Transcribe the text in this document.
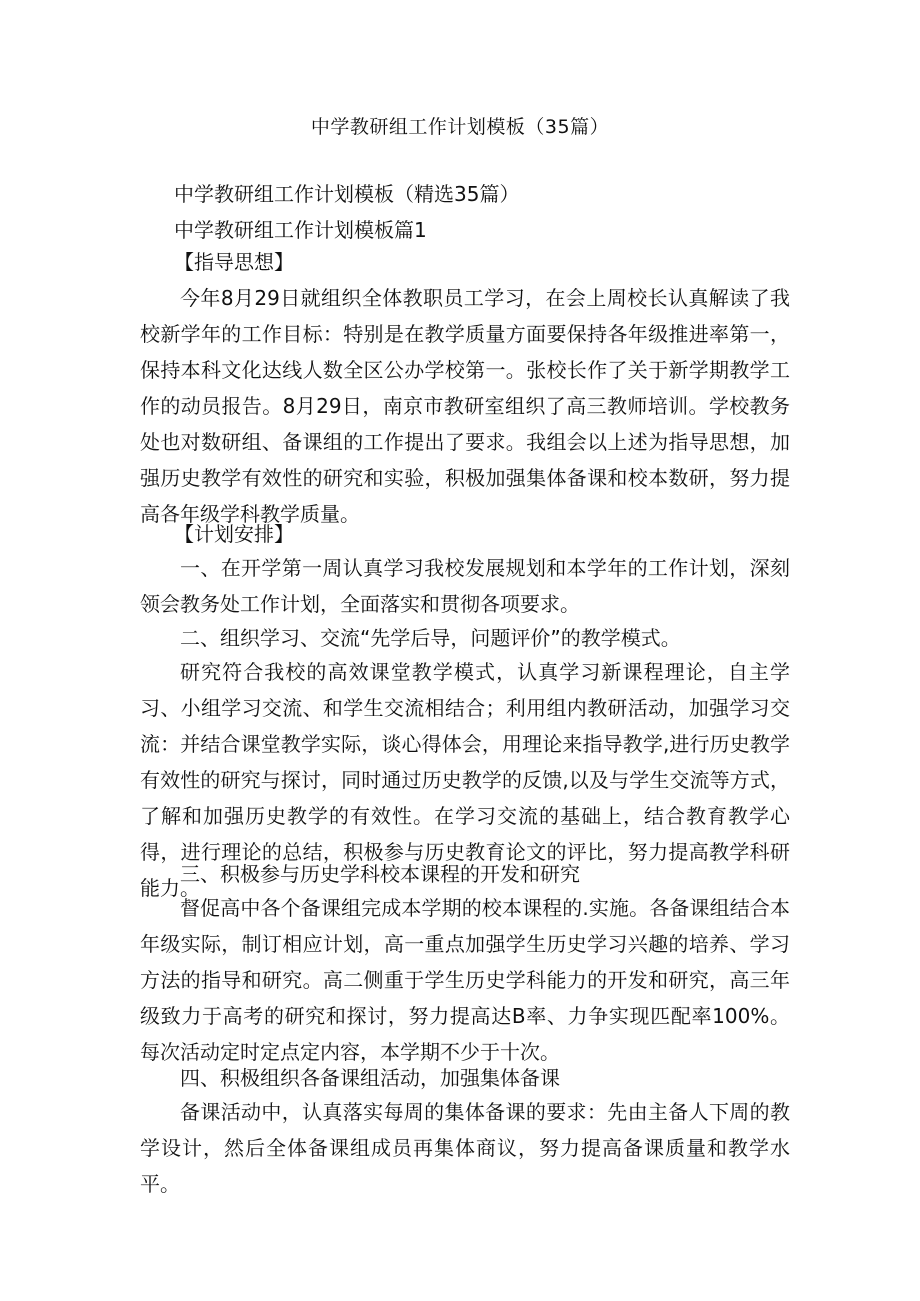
中学教研组工作计划模板（35篇）
中学教研组工作计划模板（精选35篇）
中学教研组工作计划模板篇1
【指导思想】

今年8月29日就组织全体教职员工学习，在会上周校长认真解读了我校新学年的工作目标：特别是在教学质量方面要保持各年级推进率第一，保持本科文化达线人数全区公办学校第一。张校长作了关于新学期教学工作的动员报告。8月29日，南京市教研室组织了高三教师培训。学校教务处也对数研组、备课组的工作提出了要求。我组会以上述为指导思想，加强历史教学有效性的研究和实验，积极加强集体备课和校本数研，努力提高各年级学科教学质量。

【计划安排】

一、在开学第一周认真学习我校发展规划和本学年的工作计划，深刻领会教务处工作计划，全面落实和贯彻各项要求。

二、组织学习、交流“先学后导，问题评价”的教学模式。

研究符合我校的高效课堂教学模式，认真学习新课程理论，自主学习、小组学习交流、和学生交流相结合；利用组内教研活动，加强学习交流：并结合课堂教学实际，谈心得体会，用理论来指导教学,进行历史教学有效性的研究与探讨，同时通过历史教学的反馈,以及与学生交流等方式，了解和加强历史教学的有效性。在学习交流的基础上，结合教育教学心得，进行理论的总结，积极参与历史教育论文的评比，努力提高教学科研能力。

三、积极参与历史学科校本课程的开发和研究

督促高中各个备课组完成本学期的校本课程的.实施。各备课组结合本年级实际，制订相应计划，高一重点加强学生历史学习兴趣的培养、学习方法的指导和研究。高二侧重于学生历史学科能力的开发和研究，高三年级致力于高考的研究和探讨，努力提高达B率、力争实现匹配率100%。每次活动定时定点定内容，本学期不少于十次。

四、积极组织各备课组活动，加强集体备课

备课活动中，认真落实每周的集体备课的要求：先由主备人下周的教学设计，然后全体备课组成员再集体商议，努力提高备课质量和教学水平。
